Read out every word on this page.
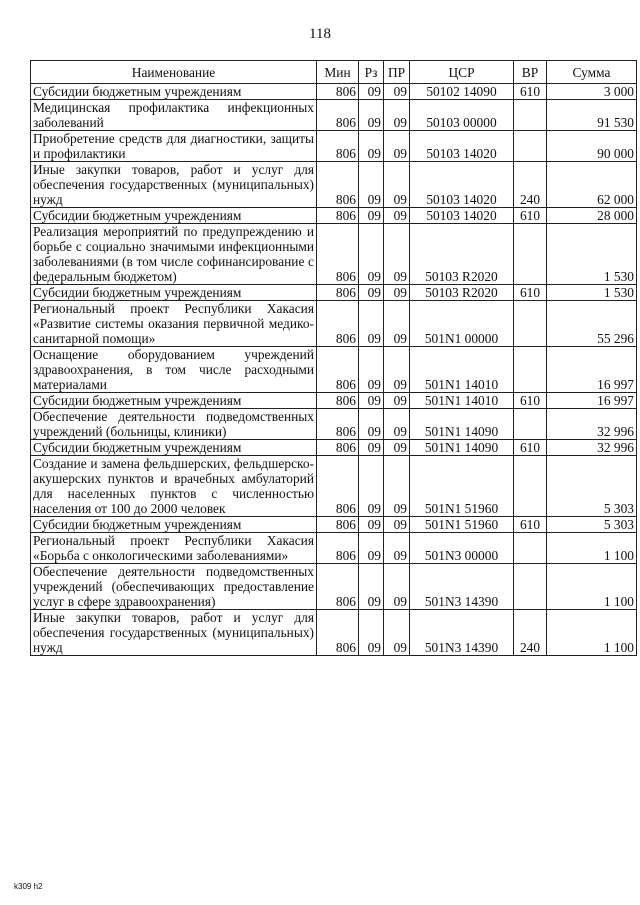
118
Наименование	Мин	Рз	ПР	ЦСР	ВР	Сумма
Субсидии бюджетным учреждениям	806	09	09	50102 14090	610	3 000
Медицинская профилактика инфекционных заболеваний	806	09	09	50103 00000		91 530
Приобретение средств для диагностики, защиты и профилактики	806	09	09	50103 14020		90 000
Иные закупки товаров, работ и услуг для обеспечения государственных (муниципальных) нужд	806	09	09	50103 14020	240	62 000
Субсидии бюджетным учреждениям	806	09	09	50103 14020	610	28 000
Реализация мероприятий по предупреждению и борьбе с социально значимыми инфекционными заболеваниями (в том числе софинансирование с федеральным бюджетом)	806	09	09	50103 R2020		1 530
Субсидии бюджетным учреждениям	806	09	09	50103 R2020	610	1 530
Региональный проект Республики Хакасия «Развитие системы оказания первичной медико-санитарной помощи»	806	09	09	501N1 00000		55 296
Оснащение оборудованием учреждений здравоохранения, в том числе расходными материалами	806	09	09	501N1 14010		16 997
Субсидии бюджетным учреждениям	806	09	09	501N1 14010	610	16 997
Обеспечение деятельности подведомственных учреждений (больницы, клиники)	806	09	09	501N1 14090		32 996
Субсидии бюджетным учреждениям	806	09	09	501N1 14090	610	32 996
Создание и замена фельдшерских, фельдшерско-акушерских пунктов и врачебных амбулаторий для населенных пунктов с численностью населения от 100 до 2000 человек	806	09	09	501N1 51960		5 303
Субсидии бюджетным учреждениям	806	09	09	501N1 51960	610	5 303
Региональный проект Республики Хакасия «Борьба с онкологическими заболеваниями»	806	09	09	501N3 00000		1 100
Обеспечение деятельности подведомственных учреждений (обеспечивающих предоставление услуг в сфере здравоохранения)	806	09	09	501N3 14390		1 100
Иные закупки товаров, работ и услуг для обеспечения государственных (муниципальных) нужд	806	09	09	501N3 14390	240	1 100
k309 h2
